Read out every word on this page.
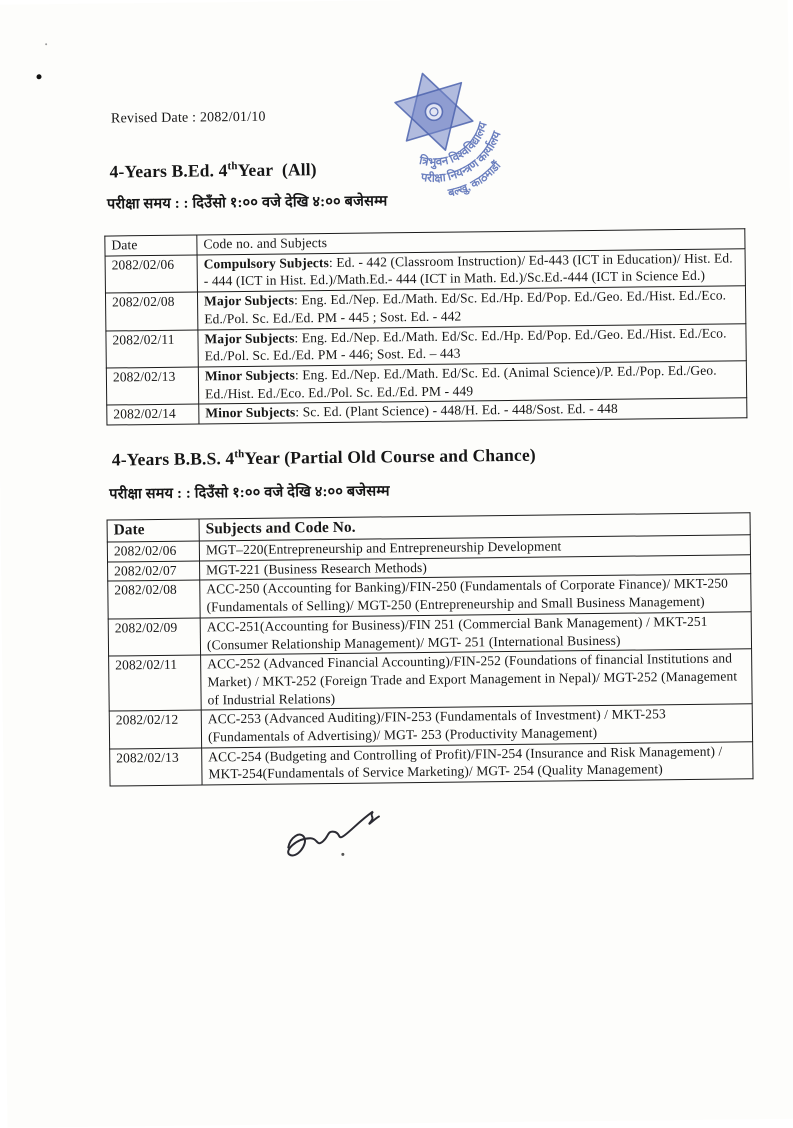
Revised Date : 2082/01/10
त्रिभुवन विश्वविद्यालय
परीक्षा नियन्त्रण कार्यालय
बल्खु, काठमाडौं
4-Years B.Ed. 4thYear  (All)

परीक्षा समय : : दिउँसो १:०० वजे देखि ४:०० बजेसम्म

Date	Code no. and Subjects
2082/02/06	Compulsory Subjects: Ed. - 442 (Classroom Instruction)/ Ed-443 (ICT in Education)/ Hist. Ed. - 444 (ICT in Hist. Ed.)/Math.Ed.- 444 (ICT in Math. Ed.)/Sc.Ed.-444 (ICT in Science Ed.)
2082/02/08	Major Subjects: Eng. Ed./Nep. Ed./Math. Ed/Sc. Ed./Hp. Ed/Pop. Ed./Geo. Ed./Hist. Ed./Eco. Ed./Pol. Sc. Ed./Ed. PM - 445 ; Sost. Ed. - 442
2082/02/11	Major Subjects: Eng. Ed./Nep. Ed./Math. Ed/Sc. Ed./Hp. Ed/Pop. Ed./Geo. Ed./Hist. Ed./Eco. Ed./Pol. Sc. Ed./Ed. PM - 446; Sost. Ed. – 443
2082/02/13	Minor Subjects: Eng. Ed./Nep. Ed./Math. Ed/Sc. Ed. (Animal Science)/P. Ed./Pop. Ed./Geo. Ed./Hist. Ed./Eco. Ed./Pol. Sc. Ed./Ed. PM - 449
2082/02/14	Minor Subjects: Sc. Ed. (Plant Science) - 448/H. Ed. - 448/Sost. Ed. - 448
4-Years B.B.S. 4thYear (Partial Old Course and Chance)

परीक्षा समय : : दिउँसो १:०० वजे देखि ४:०० बजेसम्म

Date	Subjects and Code No.
2082/02/06	MGT–220(Entrepreneurship and Entrepreneurship Development
2082/02/07	MGT-221 (Business Research Methods)
2082/02/08	ACC-250 (Accounting for Banking)/FIN-250 (Fundamentals of Corporate Finance)/ MKT-250 (Fundamentals of Selling)/ MGT-250 (Entrepreneurship and Small Business Management)
2082/02/09	ACC-251(Accounting for Business)/FIN 251 (Commercial Bank Management) / MKT-251 (Consumer Relationship Management)/ MGT- 251 (International Business)
2082/02/11	ACC-252 (Advanced Financial Accounting)/FIN-252 (Foundations of financial Institutions and Market) / MKT-252 (Foreign Trade and Export Management in Nepal)/ MGT-252 (Management of Industrial Relations)
2082/02/12	ACC-253 (Advanced Auditing)/FIN-253 (Fundamentals of Investment) / MKT-253 (Fundamentals of Advertising)/ MGT- 253 (Productivity Management)
2082/02/13	ACC-254 (Budgeting and Controlling of Profit)/FIN-254 (Insurance and Risk Management) / MKT-254(Fundamentals of Service Marketing)/ MGT- 254 (Quality Management)
